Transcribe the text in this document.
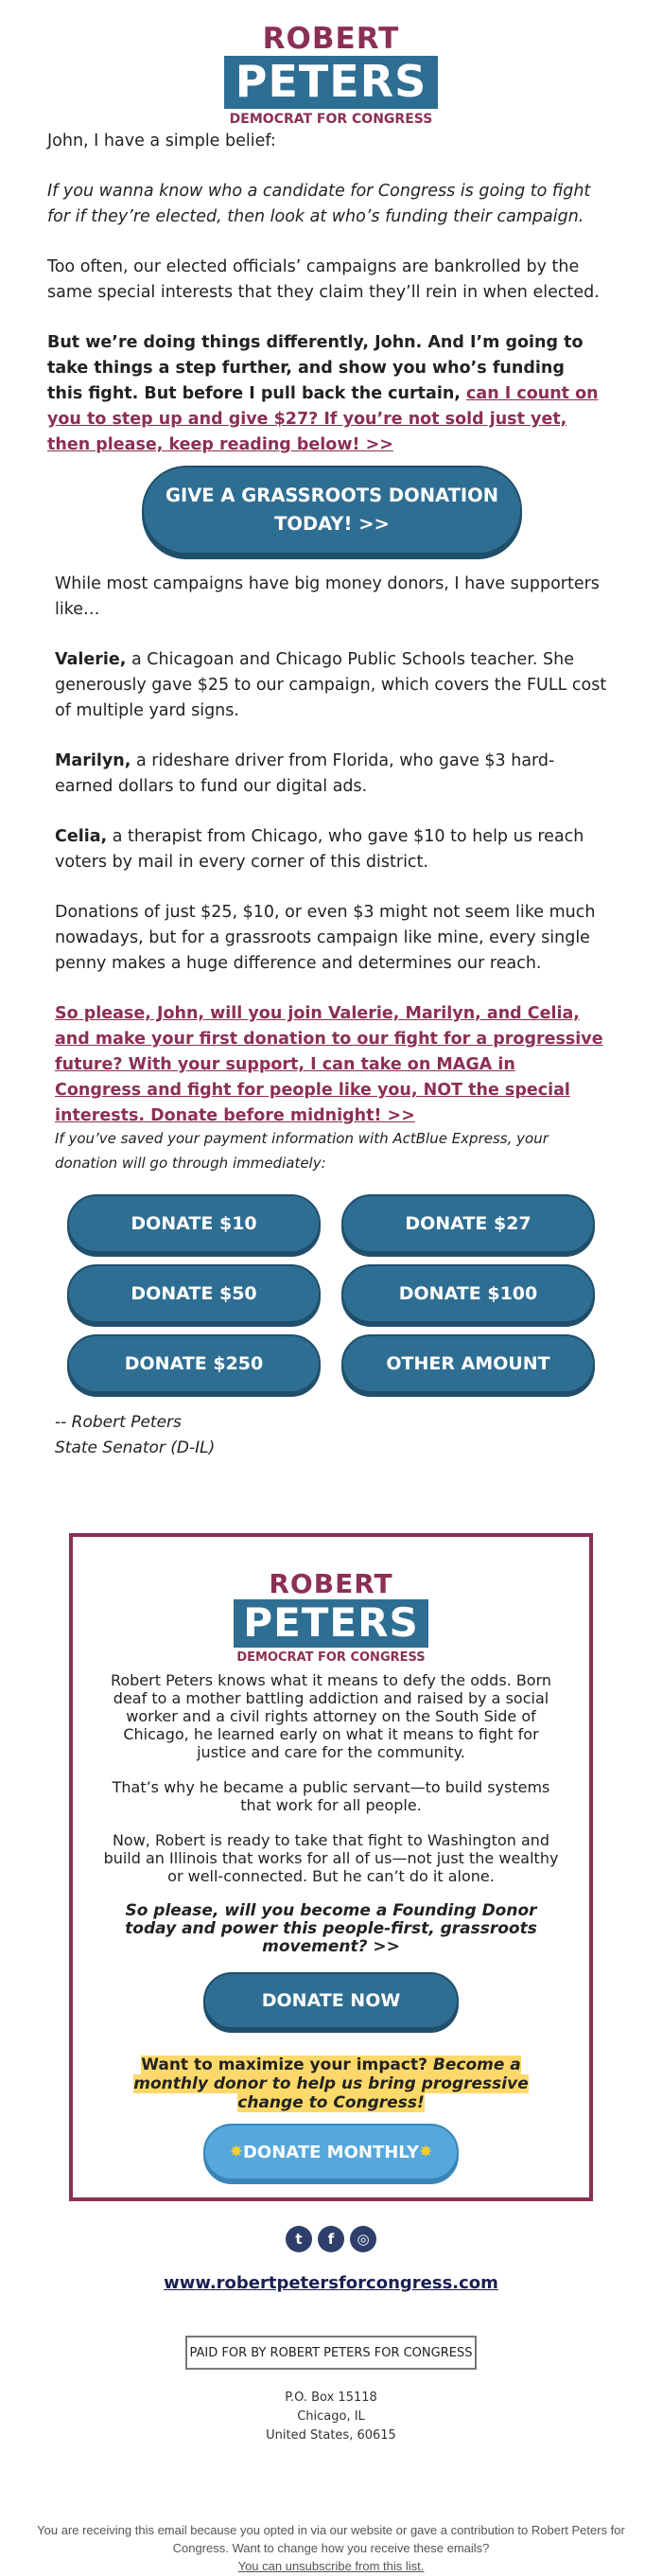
ROBERT
PETERS
DEMOCRAT FOR CONGRESS

John, I have a simple belief:

If you wanna know who a candidate for Congress is going to fight for if they’re elected, then look at who’s funding their campaign.

Too often, our elected officials’ campaigns are bankrolled by the same special interests that they claim they’ll rein in when elected.

But we’re doing things differently, John. And I’m going to take things a step further, and show you who’s funding this fight. But before I pull back the curtain, can I count on you to step up and give $27? If you’re not sold just yet, then please, keep reading below! >>

GIVE A GRASSROOTS DONATION TODAY! >>

While most campaigns have big money donors, I have supporters like…

Valerie, a Chicagoan and Chicago Public Schools teacher. She generously gave $25 to our campaign, which covers the FULL cost of multiple yard signs.

Marilyn, a rideshare driver from Florida, who gave $3 hard-earned dollars to fund our digital ads.

Celia, a therapist from Chicago, who gave $10 to help us reach voters by mail in every corner of this district.

Donations of just $25, $10, or even $3 might not seem like much nowadays, but for a grassroots campaign like mine, every single penny makes a huge difference and determines our reach.

So please, John, will you join Valerie, Marilyn, and Celia, and make your first donation to our fight for a progressive future? With your support, I can take on MAGA in Congress and fight for people like you, NOT the special interests. Donate before midnight! >>

If you’ve saved your payment information with ActBlue Express, your donation will go through immediately:
DONATE $10	DONATE $27
DONATE $50	DONATE $100
DONATE $250	OTHER AMOUNT
-- Robert Peters
State Senator (D-IL)
ROBERT
PETERS
DEMOCRAT FOR CONGRESS

Robert Peters knows what it means to defy the odds. Born deaf to a mother battling addiction and raised by a social worker and a civil rights attorney on the South Side of Chicago, he learned early on what it means to fight for justice and care for the community.

That’s why he became a public servant—to build systems that work for all people.

Now, Robert is ready to take that fight to Washington and build an Illinois that works for all of us—not just the wealthy or well-connected. But he can’t do it alone.

So please, will you become a Founding Donor today and power this people-first, grassroots movement? >>

DONATE NOW
Want to maximize your impact? Become a monthly donor to help us bring progressive change to Congress!
✸ DONATE MONTHLY ✸
t	f	◎
www.robertpetersforcongress.com
PAID FOR BY ROBERT PETERS FOR CONGRESS
P.O. Box 15118
Chicago, IL
United States, 60615
You are receiving this email because you opted in via our website or gave a contribution to Robert Peters for Congress. Want to change how you receive these emails?
You can unsubscribe from this list.
